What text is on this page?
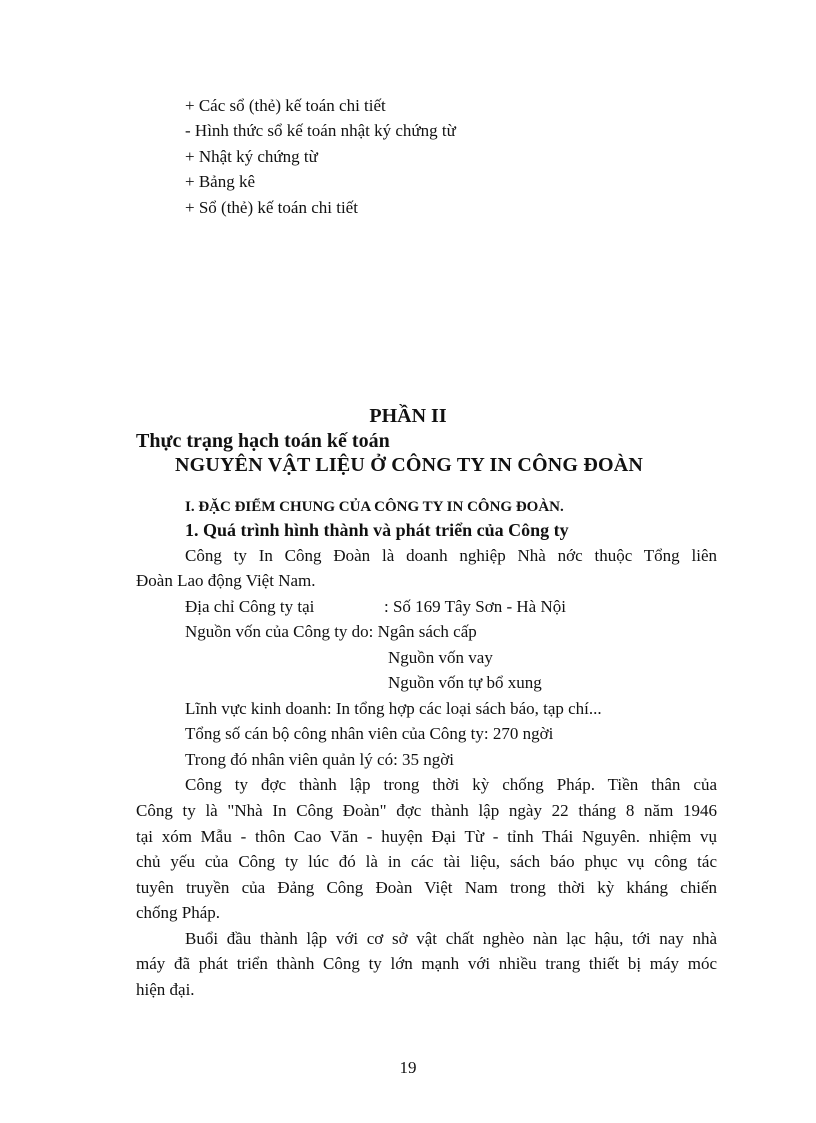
+ Các sổ (thẻ) kế toán chi tiết
- Hình thức sổ kế toán nhật ký chứng từ
+ Nhật ký chứng từ
+ Bảng kê
+ Sổ (thẻ) kế toán chi tiết
PHẦN II
Thực trạng hạch toán kế toán
NGUYÊN VẬT LIỆU Ở CÔNG TY IN CÔNG ĐOÀN
I. ĐẶC ĐIỂM CHUNG CỦA CÔNG TY IN CÔNG ĐOÀN.
1. Quá trình hình thành và phát triển của Công ty
Công ty In Công Đoàn là doanh nghiệp Nhà nớc thuộc Tổng liên
Đoàn Lao động Việt Nam.
Địa chỉ Công ty tại	: Số 169 Tây Sơn - Hà Nội
Nguồn vốn của Công ty do: Ngân sách cấp
Nguồn vốn vay
Nguồn vốn tự bổ xung
Lĩnh vực kinh doanh: In tổng hợp các loại sách báo, tạp chí...
Tổng số cán bộ công nhân viên của Công ty: 270 ngời
Trong đó nhân viên quản lý có: 35 ngời
Công ty đợc thành lập trong thời kỳ chống Pháp. Tiền thân của
Công ty là "Nhà In Công Đoàn" đợc thành lập ngày 22 tháng 8 năm 1946
tại xóm Mẫu - thôn Cao Văn - huyện Đại Từ - tỉnh Thái Nguyên. nhiệm vụ
chủ yếu của Công ty lúc đó là in các tài liệu, sách báo phục vụ công tác
tuyên truyền của Đảng Công Đoàn Việt Nam trong thời kỳ kháng chiến
chống Pháp.
Buổi đầu thành lập với cơ sở vật chất nghèo nàn lạc hậu, tới nay nhà
máy đã phát triển thành Công ty lớn mạnh với nhiều trang thiết bị máy móc
hiện đại.
19
